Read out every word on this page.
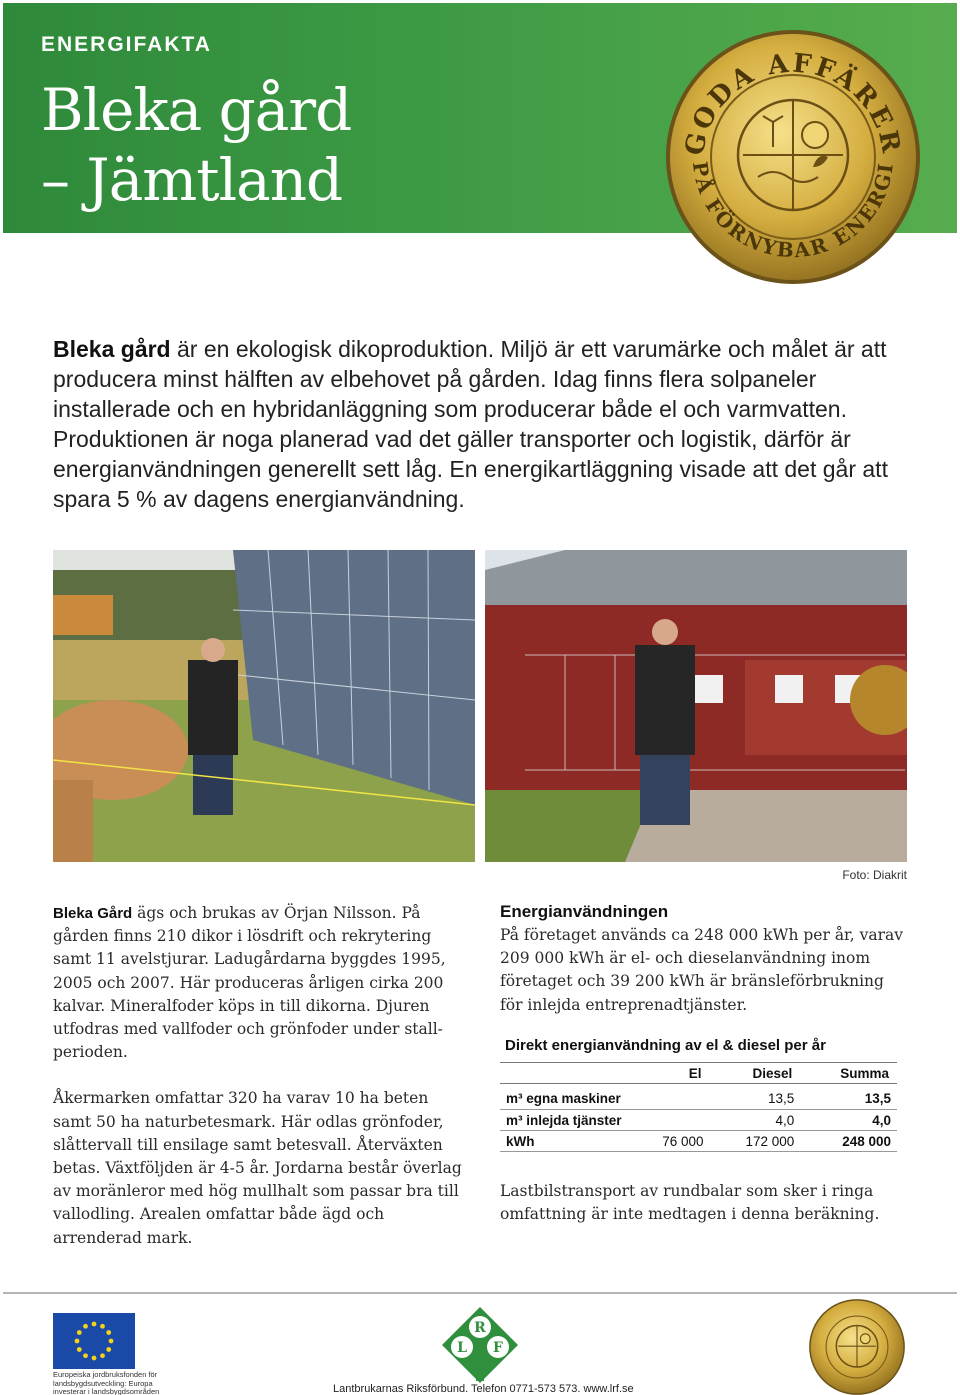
ENERGIFAKTA
Bleka gård
– Jämtland
GODA AFFÄRER
PÅ FÖRNYBAR ENERGI
Bleka gård är en ekologisk dikoproduktion. Miljö är ett varumärke och målet är att producera minst hälften av elbehovet på gården. Idag finns flera solpaneler installerade och en hybridanläggning som producerar både el och varmvatten. Produktionen är noga planerad vad det gäller transporter och logistik, därför är energianvändningen generellt sett låg. En energikartläggning visade att det går att spara 5 % av dagens energianvändning.
Foto: Diakrit

Bleka Gård ägs och brukas av Örjan Nilsson. På gården finns 210 dikor i lösdrift och rekrytering samt 11 avelstjurar. Ladugårdarna byggdes 1995, 2005 och 2007. Här produceras årligen cirka 200 kalvar. Mineralfoder köps in till dikorna. Djuren utfodras med vallfoder och grönfoder under stallperioden.

Åkermarken omfattar 320 ha varav 10 ha beten samt 50 ha naturbetesmark. Här odlas grönfoder, slåttervall till ensilage samt betesvall. Återväxten betas. Växtföljden är 4-5 år. Jordarna består överlag av moränleror med hög mullhalt som passar bra till vallodling. Arealen omfattar både ägd och arrenderad mark.

Energianvändningen
På företaget används ca 248 000 kWh per år, varav 209 000 kWh är el- och dieselanvändning inom företaget och 39 200 kWh är bränsleförbrukning för inlejda entreprenadtjänster.
Direkt energianvändning av el & diesel per år
	El	Diesel	Summa

m³ egna maskiner		13,5	13,5
m³ inlejda tjänster		4,0	4,0
kWh	76 000	172 000	248 000
Lastbilstransport av rundbalar som sker i ringa omfattning är inte medtagen i denna beräkning.
Europeiska jordbruksfonden för landsbygdsutveckling: Europa investerar i landsbygdsområden
L
R
F
Lantbrukarnas Riksförbund. Telefon 0771-573 573. www.lrf.se
